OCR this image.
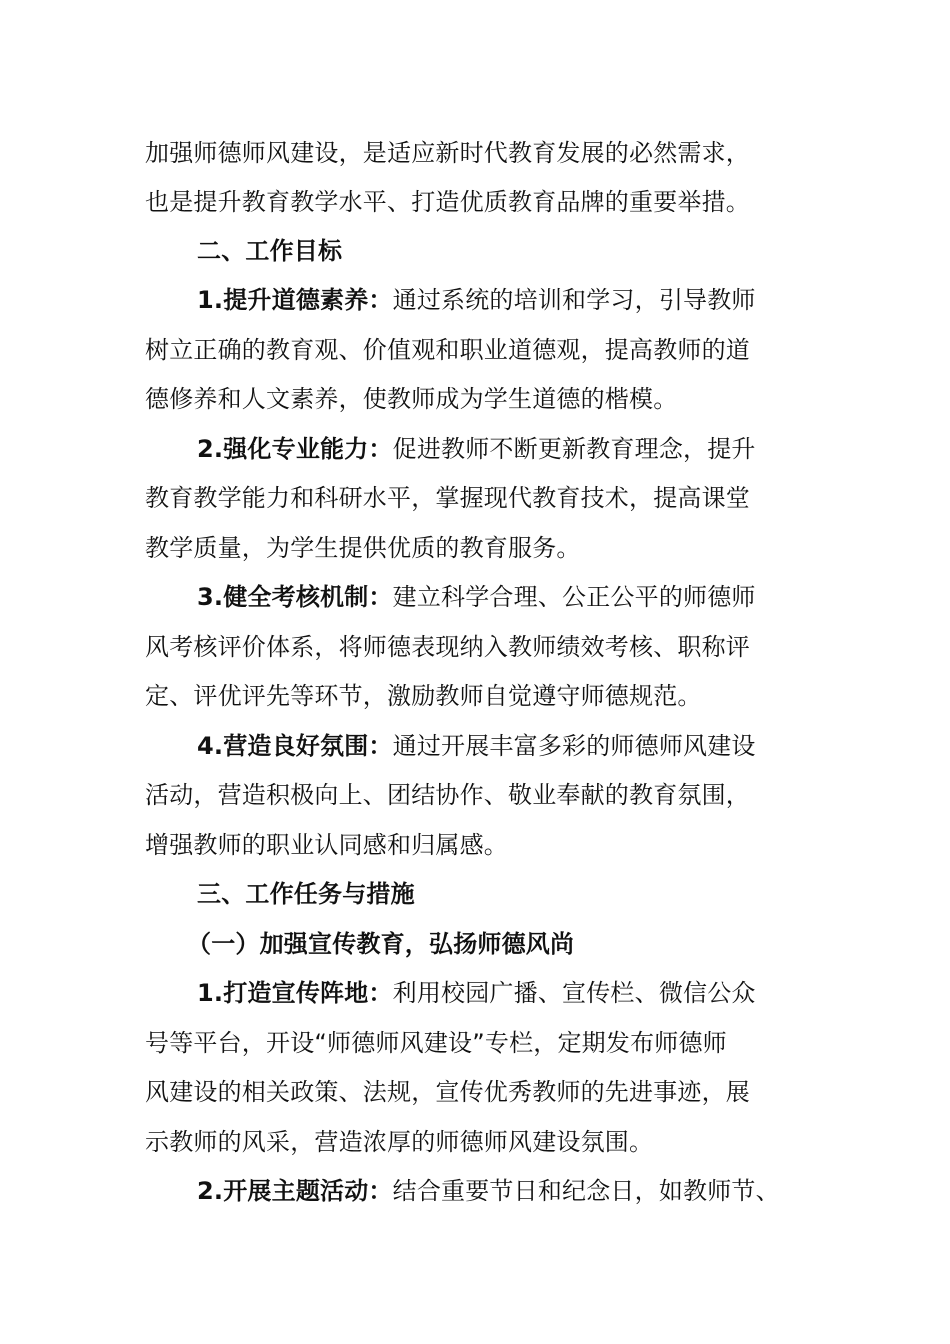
加强师德师风建设，是适应新时代教育发展的必然需求，
也是提升教育教学水平、打造优质教育品牌的重要举措。
二、工作目标
1.提升道德素养：通过系统的培训和学习，引导教师
树立正确的教育观、价值观和职业道德观，提高教师的道
德修养和人文素养，使教师成为学生道德的楷模。
2.强化专业能力：促进教师不断更新教育理念，提升
教育教学能力和科研水平，掌握现代教育技术，提高课堂
教学质量，为学生提供优质的教育服务。
3.健全考核机制：建立科学合理、公正公平的师德师
风考核评价体系，将师德表现纳入教师绩效考核、职称评
定、评优评先等环节，激励教师自觉遵守师德规范。
4.营造良好氛围：通过开展丰富多彩的师德师风建设
活动，营造积极向上、团结协作、敬业奉献的教育氛围，
增强教师的职业认同感和归属感。
三、工作任务与措施
（一）加强宣传教育，弘扬师德风尚
1.打造宣传阵地：利用校园广播、宣传栏、微信公众
号等平台，开设“师德师风建设”专栏，定期发布师德师
风建设的相关政策、法规，宣传优秀教师的先进事迹，展
示教师的风采，营造浓厚的师德师风建设氛围。
2.开展主题活动：结合重要节日和纪念日，如教师节、
